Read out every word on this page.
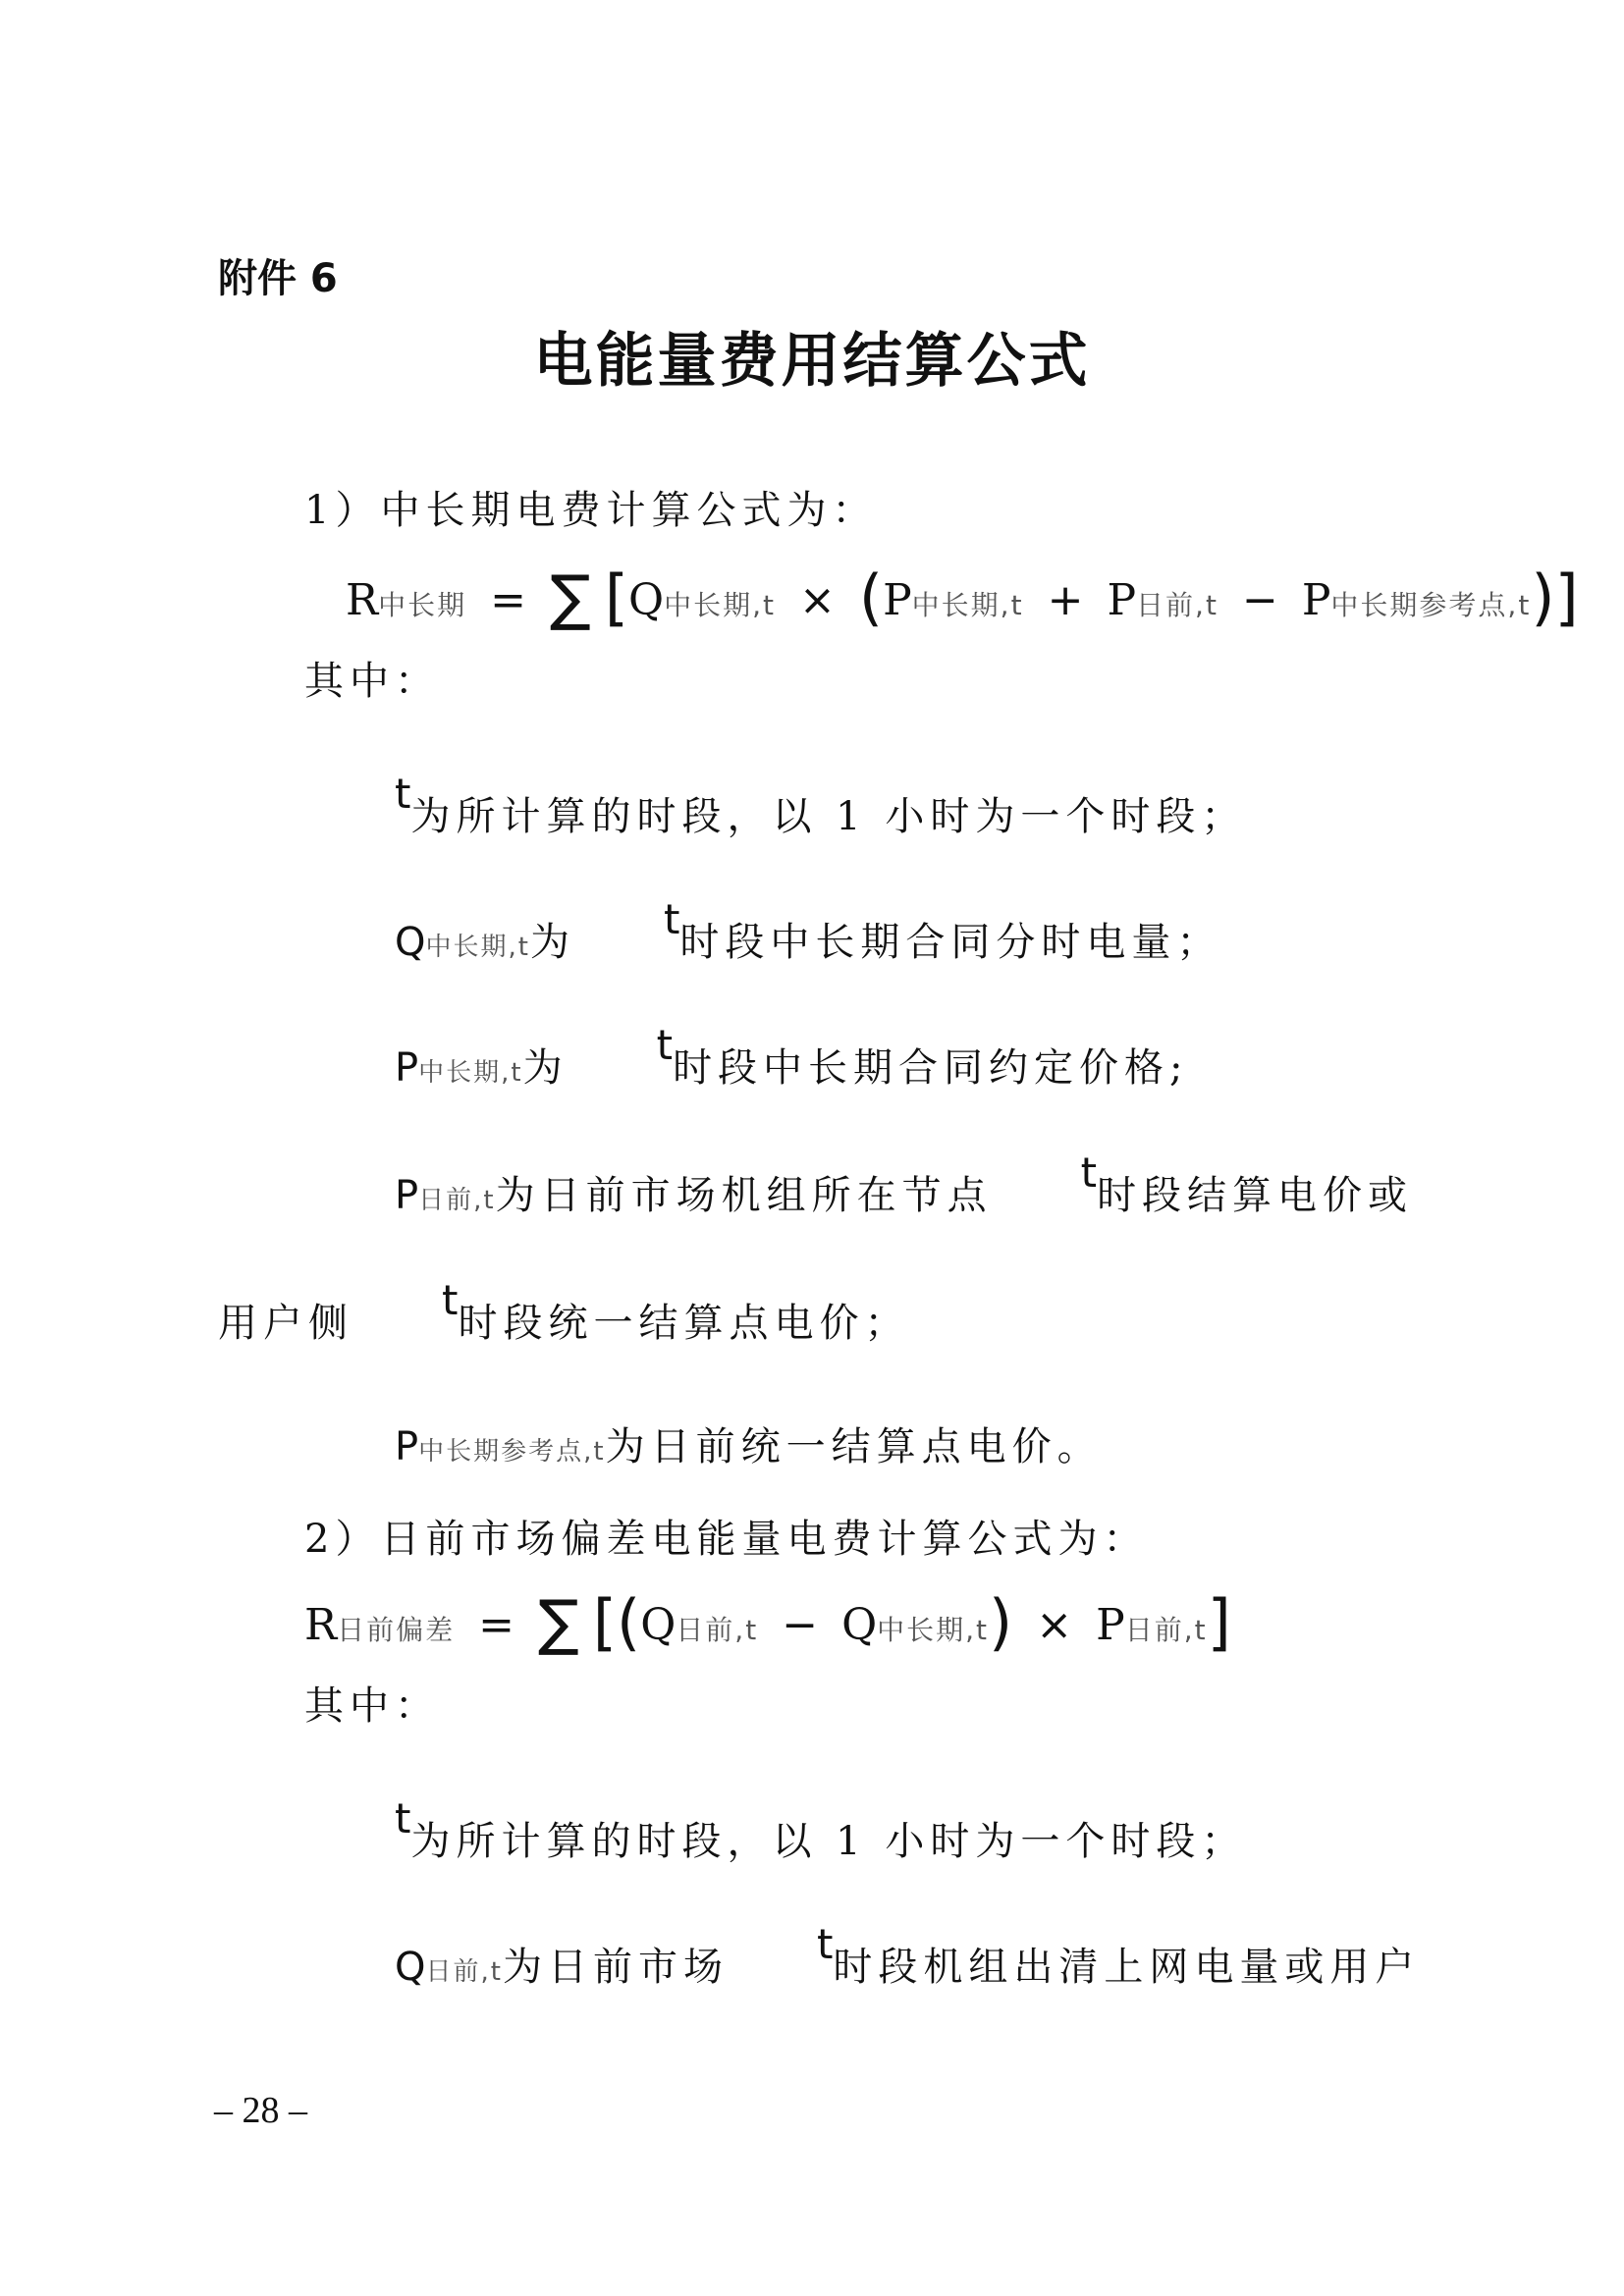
附件 6
电能量费用结算公式
1）中长期电费计算公式为：
R中长期 = ∑ [Q中长期,t × (P中长期,t + P日前,t − P中长期参考点,t)]
其中：
t为所计算的时段，以 1 小时为一个时段；
Q中长期,t为 t时段中长期合同分时电量；
P中长期,t为 t时段中长期合同约定价格;
P日前,t为日前市场机组所在节点 t时段结算电价或
用户侧 t时段统一结算点电价；
P中长期参考点,t为日前统一结算点电价。
2）日前市场偏差电能量电费计算公式为：
R日前偏差 = ∑ [(Q日前,t − Q中长期,t) × P日前,t]
其中：
t为所计算的时段，以 1 小时为一个时段；
Q日前,t为日前市场 t时段机组出清上网电量或用户
– 28 –
